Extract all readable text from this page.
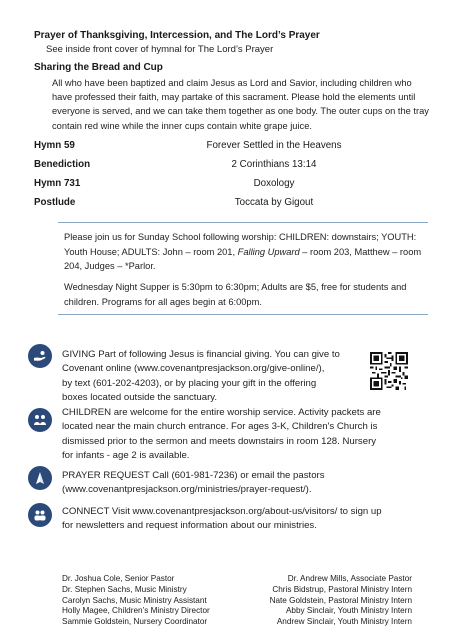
Prayer of Thanksgiving, Intercession, and The Lord’s Prayer
See inside front cover of hymnal for The Lord’s Prayer
Sharing the Bread and Cup

All who have been baptized and claim Jesus as Lord and Savior, including children who have professed their faith, may partake of this sacrament. Please hold the elements until everyone is served, and we can take them together as one body. The outer cups on the tray contain red wine while the inner cups contain white grape juice.

Hymn 59	Forever Settled in the Heavens
Benediction	2 Corinthians 13:14
Hymn 731	Doxology
Postlude	Toccata by Gigout

Please join us for Sunday School following worship: CHILDREN: downstairs; YOUTH: Youth House; ADULTS: John – room 201, Falling Upward – room 203, Matthew – room 204, Judges – *Parlor.

Wednesday Night Supper is 5:30pm to 6:30pm; Adults are $5, free for students and children. Programs for all ages begin at 6:00pm.

GIVING Part of following Jesus is financial giving. You can give to

Covenant online (www.covenantpresjackson.org/give-online/),

by text (601-202-4203), or by placing your gift in the offering

boxes located outside the sanctuary.

CHILDREN are welcome for the entire worship service. Activity packets are

located near the main church entrance. For ages 3-K, Children's Church is

dismissed prior to the sermon and meets downstairs in room 128. Nursery

for infants - age 2 is available.

PRAYER REQUEST Call (601-981-7236) or email the pastors

(www.covenantpresjackson.org/ministries/prayer-request/).

CONNECT Visit www.covenantpresjackson.org/about-us/visitors/ to sign up

for newsletters and request information about our ministries.

Dr. Joshua Cole, Senior Pastor
Dr. Stephen Sachs, Music Ministry
Carolyn Sachs, Music Ministry Assistant
Holly Magee, Children’s Ministry Director
Sammie Goldstein, Nursery Coordinator
Dr. Andrew Mills, Associate Pastor
Chris Bidstrup, Pastoral Ministry Intern
Nate Goldstein, Pastoral Ministry Intern
Abby Sinclair, Youth Ministry Intern
Andrew Sinclair, Youth Ministry Intern
